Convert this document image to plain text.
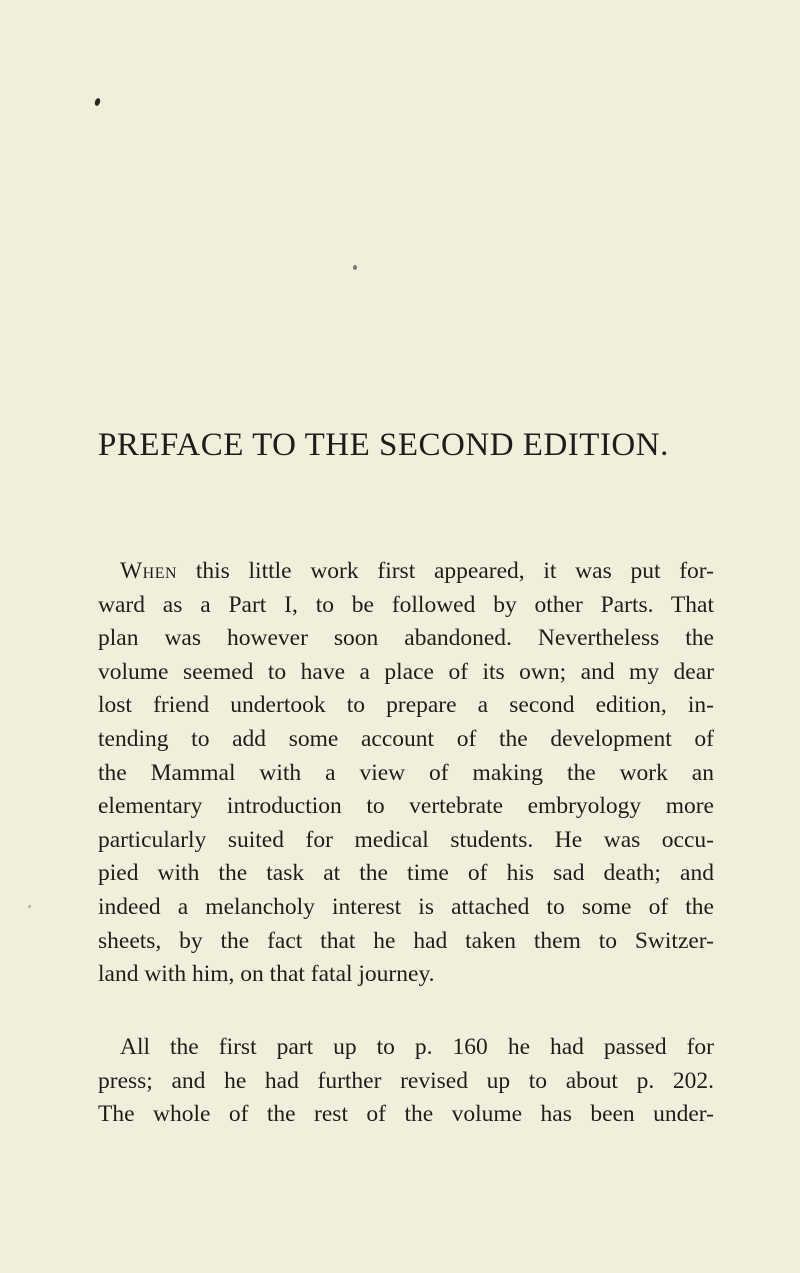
PREFACE TO THE SECOND EDITION.

When this little work first appeared, it was put for-
ward as a Part I, to be followed by other Parts. That
plan was however soon abandoned. Nevertheless the
volume seemed to have a place of its own; and my dear
lost friend undertook to prepare a second edition, in-
tending to add some account of the development of
the Mammal with a view of making the work an
elementary introduction to vertebrate embryology more
particularly suited for medical students. He was occu-
pied with the task at the time of his sad death; and
indeed a melancholy interest is attached to some of the
sheets, by the fact that he had taken them to Switzer-
land with him, on that fatal journey.

All the first part up to p. 160 he had passed for
press; and he had further revised up to about p. 202.
The whole of the rest of the volume has been under-
